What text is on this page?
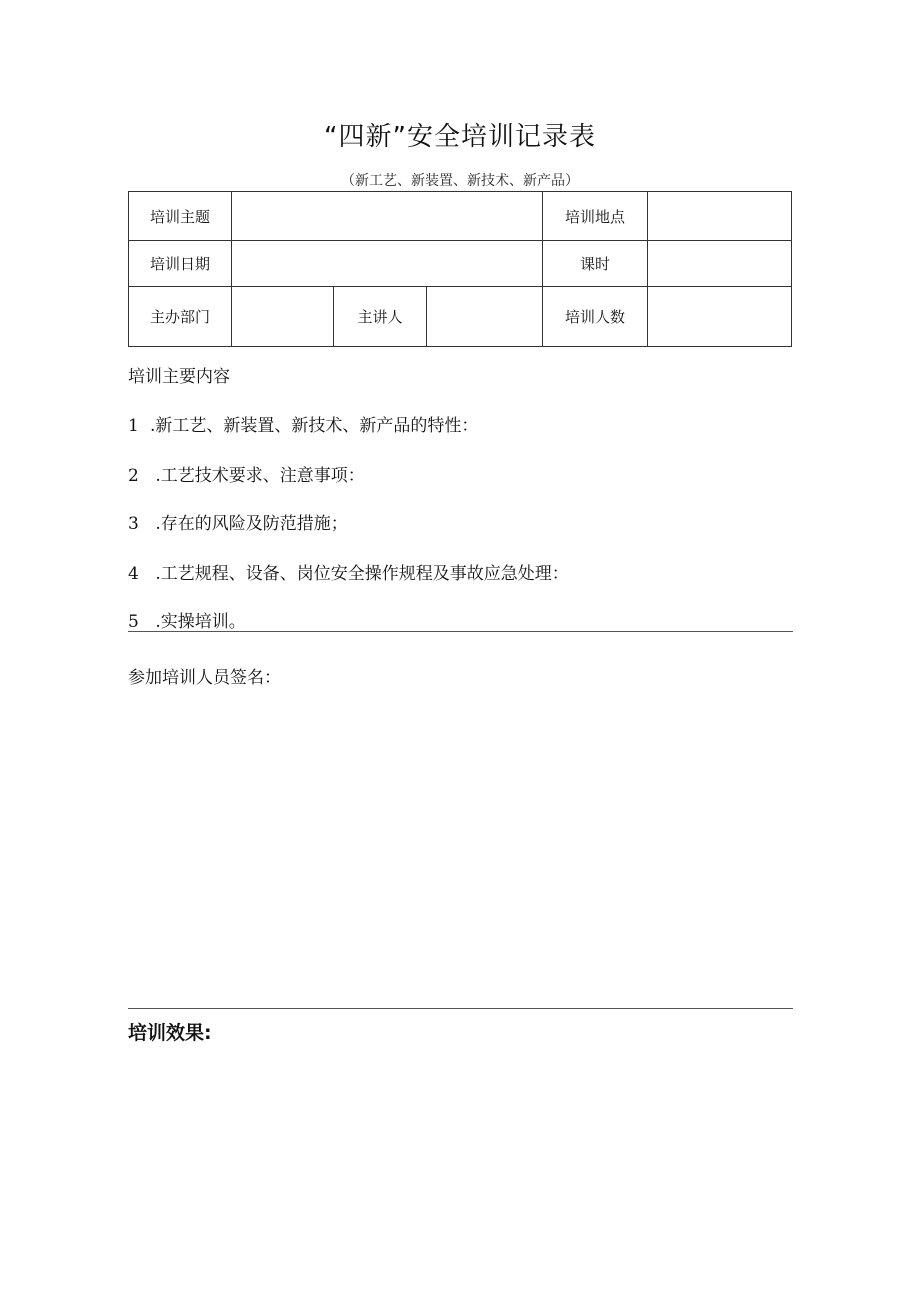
“四新”安全培训记录表
（新工艺、新装置、新技术、新产品）
培训主题				培训地点	
培训日期				课时	
主办部门		主讲人		培训人数	
培训主要内容
1 .新工艺、新装置、新技术、新产品的特性：
2 .工艺技术要求、注意事项：
3 .存在的风险及防范措施；
4 .工艺规程、设备、岗位安全操作规程及事故应急处理：
5 .实操培训。
参加培训人员签名：
培训效果:
